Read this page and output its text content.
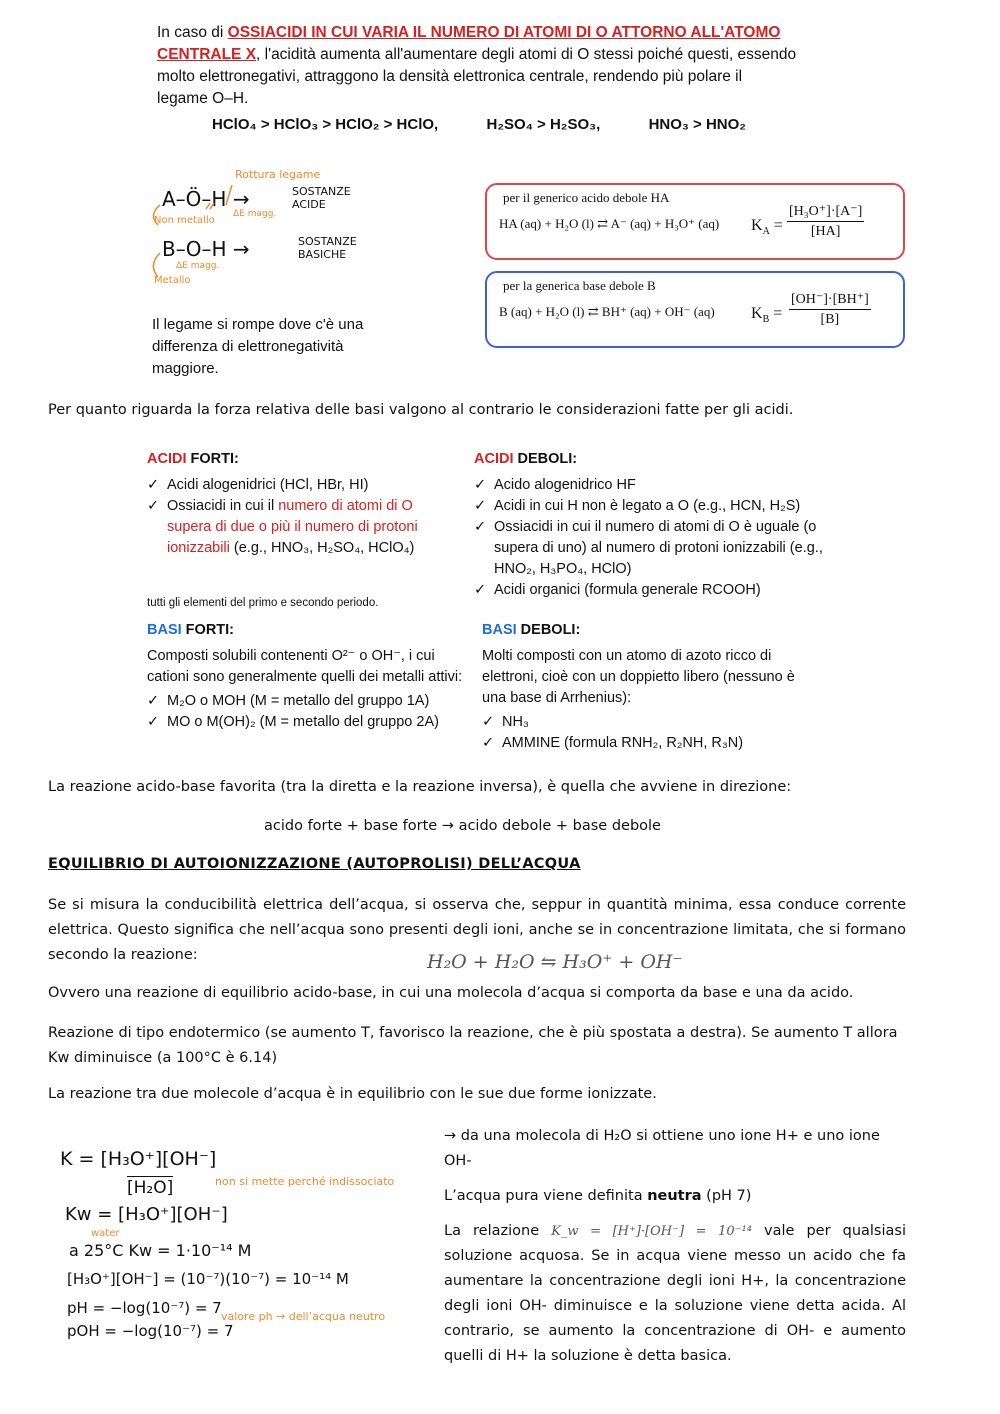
In caso di OSSIACIDI IN CUI VARIA IL NUMERO DI ATOMI DI O ATTORNO ALL'ATOMO CENTRALE X, l'acidità aumenta all'aumentare degli atomi di O stessi poiché questi, essendo molto elettronegativi, attraggono la densità elettronica centrale, rendendo più polare il legame O–H.
HClO₄ > HClO₃ > HClO₂ > HClO,	H₂SO₄ > H₂SO₃,	HNO₃ > HNO₂
Rottura legame
A–Ö–H →	SOSTANZE
ACIDE
Non metallo
ΔE magg.
B–O–H →	SOSTANZE
BASICHE
ΔE magg.
Metallo
Il legame si rompe dove c'è una differenza di elettronegatività maggiore.
per il generico acido debole HA
HA (aq) + H₂O (l) ⇄ A⁻ (aq) + H₃O⁺ (aq) $K_A = \frac{\text{[H₃O⁺]·[A⁻]}}{[HA]}$
per la generica base debole B
B (aq) + H₂O (l) ⇄ BH⁺ (aq) + OH⁻ (aq) $K_B = \frac{[OH^-]\cdot[BH^+]}{[B]}$
Per quanto riguarda la forza relativa delle basi valgono al contrario le considerazioni fatte per gli acidi.
ACIDI FORTI:
✓ Acidi alogenidrici (HCl, HBr, HI)
✓ Ossiacidi in cui il numero di atomi di O supera di due o più il numero di protoni ionizzabili (e.g., HNO₃, H₂SO₄, HClO₄)
ACIDI DEBOLI:
✓ Acido alogenidrico HF
✓ Acidi in cui H non è legato a O (e.g., HCN, H₂S)
✓ Ossiacidi in cui il numero di atomi di O è uguale (o supera di uno) al numero di protoni ionizzabili (e.g., HNO₂, H₃PO₄, HClO)
✓ Acidi organici (formula generale RCOOH)
tutti gli elementi del primo e secondo periodo.
BASI FORTI:

Composti solubili contenenti O²⁻ o OH⁻, i cui cationi sono generalmente quelli dei metalli attivi:

✓ M₂O o MOH (M = metallo del gruppo 1A)
✓ MO o M(OH)₂ (M = metallo del gruppo 2A)
BASI DEBOLI:

Molti composti con un atomo di azoto ricco di elettroni, cioè con un doppietto libero (nessuno è una base di Arrhenius):

✓ NH₃
✓ AMMINE (formula RNH₂, R₂NH, R₃N)
La reazione acido-base favorita (tra la diretta e la reazione inversa), è quella che avviene in direzione:
acido forte + base forte → acido debole + base debole
EQUILIBRIO DI AUTOIONIZZAZIONE (AUTOPROLISI) DELL’ACQUA
Se si misura la conducibilità elettrica dell’acqua, si osserva che, seppur in quantità minima, essa conduce corrente elettrica. Questo significa che nell’acqua sono presenti degli ioni, anche se in concentrazione limitata, che si formano secondo la reazione:	H₂O + H₂O ⇋ H₃O⁺ + OH⁻
Ovvero una reazione di equilibrio acido-base, in cui una molecola d’acqua si comporta da base e una da acido.
Reazione di tipo endotermico (se aumento T, favorisco la reazione, che è più spostata a destra). Se aumento T allora Kw diminuisce (a 100°C è 6.14)
La reazione tra due molecole d’acqua è in equilibrio con le sue due forme ionizzate.
K = [H₃O⁺][OH⁻]
[H₂O]	non si mette perché indissociato
Kw = [H₃O⁺][OH⁻]
water
a 25°C Kw = 1·10⁻¹⁴ M
[H₃O⁺][OH⁻] = (10⁻⁷)(10⁻⁷) = 10⁻¹⁴ M
pH = −log(10⁻⁷) = 7
pOH = −log(10⁻⁷) = 7
valore ph → dell’acqua neutro

→ da una molecola di H₂O si ottiene uno ione H+ e uno ione OH-

L’acqua pura viene definita neutra (pH 7)

La relazione K_w = [H⁺]·[OH⁻] = 10⁻¹⁴ vale per qualsiasi soluzione acquosa. Se in acqua viene messo un acido che fa aumentare la concentrazione degli ioni H+, la concentrazione degli ioni OH- diminuisce e la soluzione viene detta acida. Al contrario, se aumento la concentrazione di OH- e aumento quelli di H+ la soluzione è detta basica.
